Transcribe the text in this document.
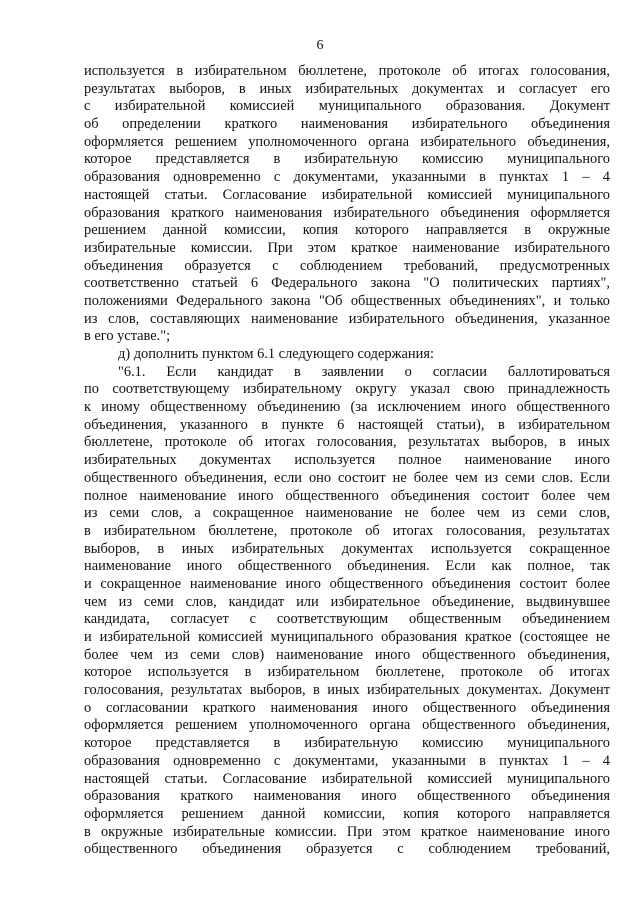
6
используется в избирательном бюллетене, протоколе об итогах голосования,
результатах выборов, в иных избирательных документах и согласует его
с избирательной комиссией муниципального образования. Документ
об определении краткого наименования избирательного объединения
оформляется решением уполномоченного органа избирательного объединения,
которое представляется в избирательную комиссию муниципального
образования одновременно с документами, указанными в пунктах 1 – 4
настоящей статьи. Согласование избирательной комиссией муниципального
образования краткого наименования избирательного объединения оформляется
решением данной комиссии, копия которого направляется в окружные
избирательные комиссии. При этом краткое наименование избирательного
объединения образуется с соблюдением требований, предусмотренных
соответственно статьей 6 Федерального закона "О политических партиях",
положениями Федерального закона "Об общественных объединениях", и только
из слов, составляющих наименование избирательного объединения, указанное
в его уставе.";
д) дополнить пунктом 6.1 следующего содержания:
"6.1. Если кандидат в заявлении о согласии баллотироваться
по соответствующему избирательному округу указал свою принадлежность
к иному общественному объединению (за исключением иного общественного
объединения, указанного в пункте 6 настоящей статьи), в избирательном
бюллетене, протоколе об итогах голосования, результатах выборов, в иных
избирательных документах используется полное наименование иного
общественного объединения, если оно состоит не более чем из семи слов. Если
полное наименование иного общественного объединения состоит более чем
из семи слов, а сокращенное наименование не более чем из семи слов,
в избирательном бюллетене, протоколе об итогах голосования, результатах
выборов, в иных избирательных документах используется сокращенное
наименование иного общественного объединения. Если как полное, так
и сокращенное наименование иного общественного объединения состоит более
чем из семи слов, кандидат или избирательное объединение, выдвинувшее
кандидата, согласует с соответствующим общественным объединением
и избирательной комиссией муниципального образования краткое (состоящее не
более чем из семи слов) наименование иного общественного объединения,
которое используется в избирательном бюллетене, протоколе об итогах
голосования, результатах выборов, в иных избирательных документах. Документ
о согласовании краткого наименования иного общественного объединения
оформляется решением уполномоченного органа общественного объединения,
которое представляется в избирательную комиссию муниципального
образования одновременно с документами, указанными в пунктах 1 – 4
настоящей статьи. Согласование избирательной комиссией муниципального
образования краткого наименования иного общественного объединения
оформляется решением данной комиссии, копия которого направляется
в окружные избирательные комиссии. При этом краткое наименование иного
общественного объединения образуется с соблюдением требований,
